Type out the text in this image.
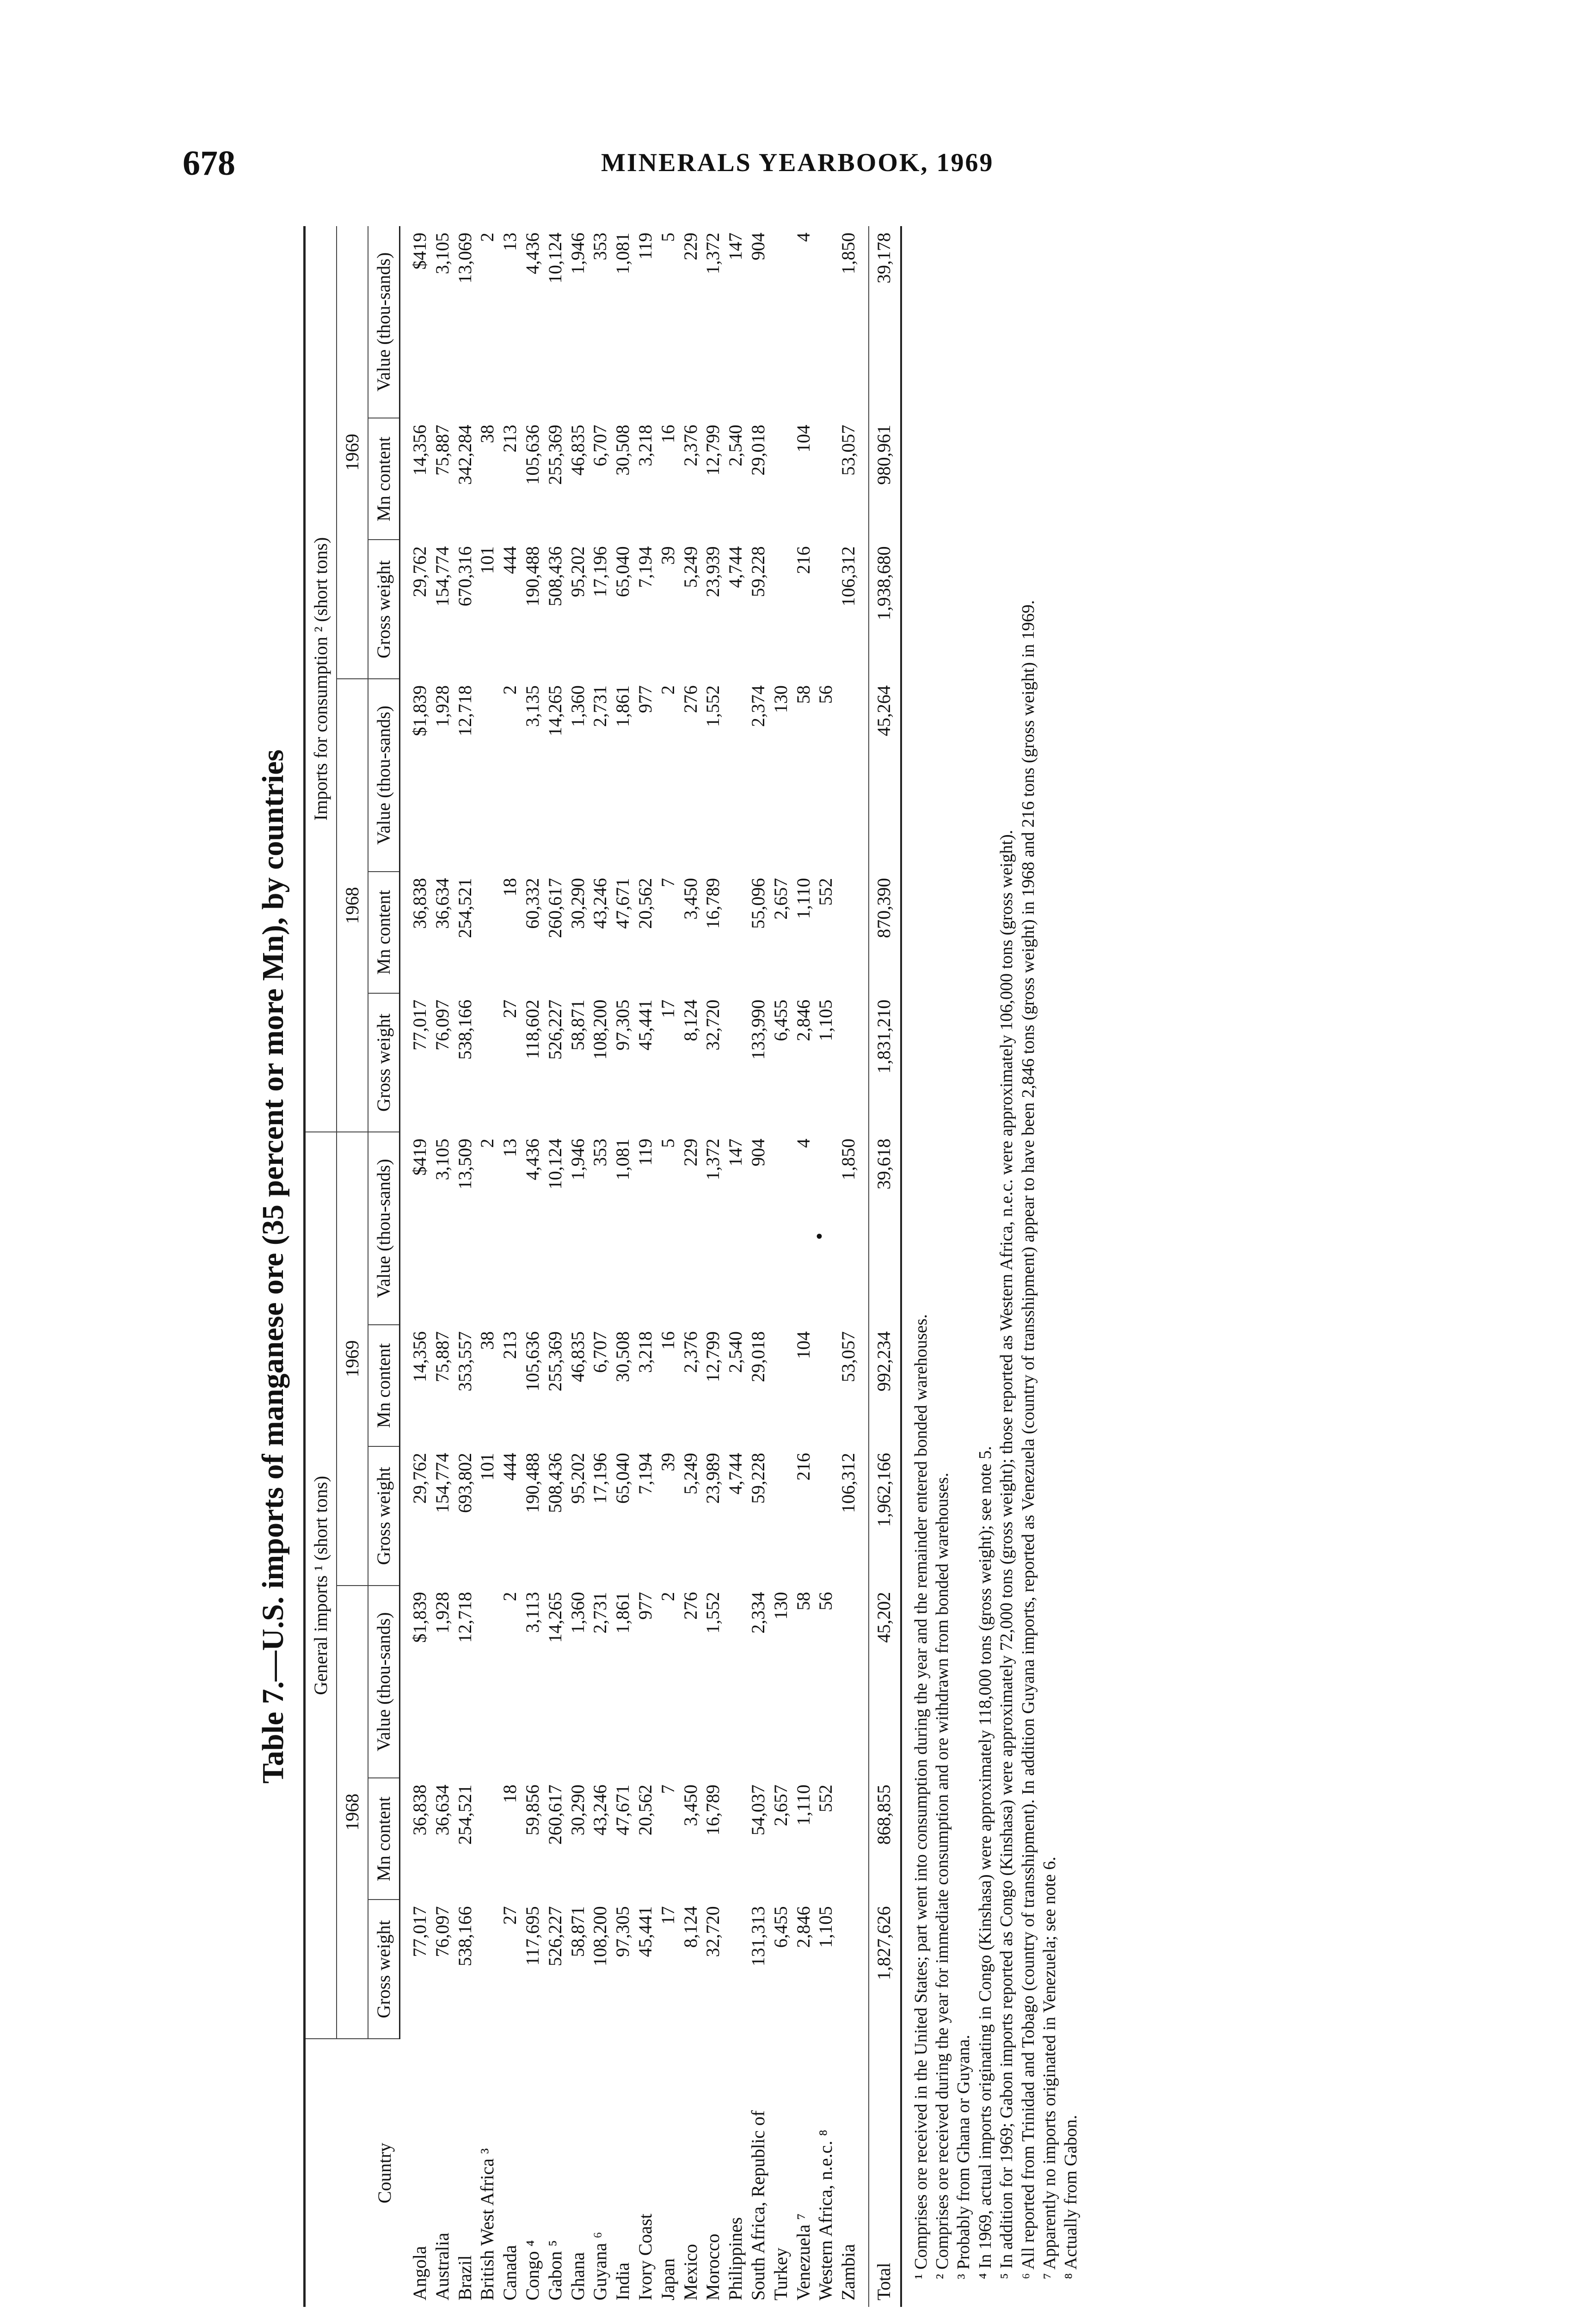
678	MINERALS YEARBOOK, 1969
•
Table 7.—U.S. imports of manganese ore (35 percent or more Mn), by countries
Country	General imports ¹ (short tons)						Imports for consumption ² (short tons)					
	1968			1969			1968			1969		
	Gross weight	Mn content	Value (thou-sands)	Gross weight	Mn content	Value (thou-sands)	Gross weight	Mn content	Value (thou-sands)	Gross weight	Mn content	Value (thou-sands)

Angola	77,017	36,838	$1,839	29,762	14,356	$419	77,017	36,838	$1,839	29,762	14,356	$419
Australia	76,097	36,634	1,928	154,774	75,887	3,105	76,097	36,634	1,928	154,774	75,887	3,105
Brazil	538,166	254,521	12,718	693,802	353,557	13,509	538,166	254,521	12,718	670,316	342,284	13,069
British West Africa ³				101	38	2				101	38	2
Canada	27	18	2	444	213	13	27	18	2	444	213	13
Congo ⁴	117,695	59,856	3,113	190,488	105,636	4,436	118,602	60,332	3,135	190,488	105,636	4,436
Gabon ⁵	526,227	260,617	14,265	508,436	255,369	10,124	526,227	260,617	14,265	508,436	255,369	10,124
Ghana	58,871	30,290	1,360	95,202	46,835	1,946	58,871	30,290	1,360	95,202	46,835	1,946
Guyana ⁶	108,200	43,246	2,731	17,196	6,707	353	108,200	43,246	2,731	17,196	6,707	353
India	97,305	47,671	1,861	65,040	30,508	1,081	97,305	47,671	1,861	65,040	30,508	1,081
Ivory Coast	45,441	20,562	977	7,194	3,218	119	45,441	20,562	977	7,194	3,218	119
Japan	17	7	2	39	16	5	17	7	2	39	16	5
Mexico	8,124	3,450	276	5,249	2,376	229	8,124	3,450	276	5,249	2,376	229
Morocco	32,720	16,789	1,552	23,989	12,799	1,372	32,720	16,789	1,552	23,939	12,799	1,372
Philippines				4,744	2,540	147				4,744	2,540	147
South Africa, Republic of	131,313	54,037	2,334	59,228	29,018	904	133,990	55,096	2,374	59,228	29,018	904
Turkey	6,455	2,657	130				6,455	2,657	130			
Venezuela ⁷	2,846	1,110	58	216	104	4	2,846	1,110	58	216	104	4
Western Africa, n.e.c. ⁸	1,105	552	56				1,105	552	56			
Zambia				106,312	53,057	1,850				106,312	53,057	1,850

Total	1,827,626	868,855	45,202	1,962,166	992,234	39,618	1,831,210	870,390	45,264	1,938,680	980,961	39,178
¹ Comprises ore received in the United States; part went into consumption during the year and the remainder entered bonded warehouses. ² Comprises ore received during the year for immediate consumption and ore withdrawn from bonded warehouses. ³ Probably from Ghana or Guyana. ⁴ In 1969, actual imports originating in Congo (Kinshasa) were approximately 118,000 tons (gross weight); see note 5. ⁵ In addition for 1969; Gabon imports reported as Congo (Kinshasa) were approximately 72,000 tons (gross weight); those reported as Western Africa, n.e.c. were approximately 106,000 tons (gross weight). ⁶ All reported from Trinidad and Tobago (country of transshipment). In addition Guyana imports, reported as Venezuela (country of transshipment) appear to have been 2,846 tons (gross weight) in 1968 and 216 tons (gross weight) in 1969. ⁷ Apparently no imports originated in Venezuela; see note 6. ⁸ Actually from Gabon.
